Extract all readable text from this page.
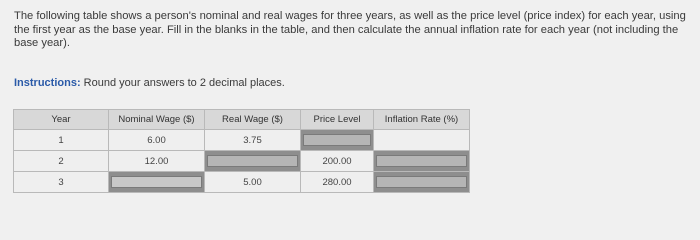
The following table shows a person's nominal and real wages for three years, as well as the price level (price index) for each year, using the first year as the base year. Fill in the blanks in the table, and then calculate the annual inflation rate for each year (not including the base year).

Instructions: Round your answers to 2 decimal places.

Year	Nominal Wage ($)	Real Wage ($)	Price Level	Inflation Rate (%)
1	6.00	3.75	

2	12.00		200.00	

3		5.00	280.00	
